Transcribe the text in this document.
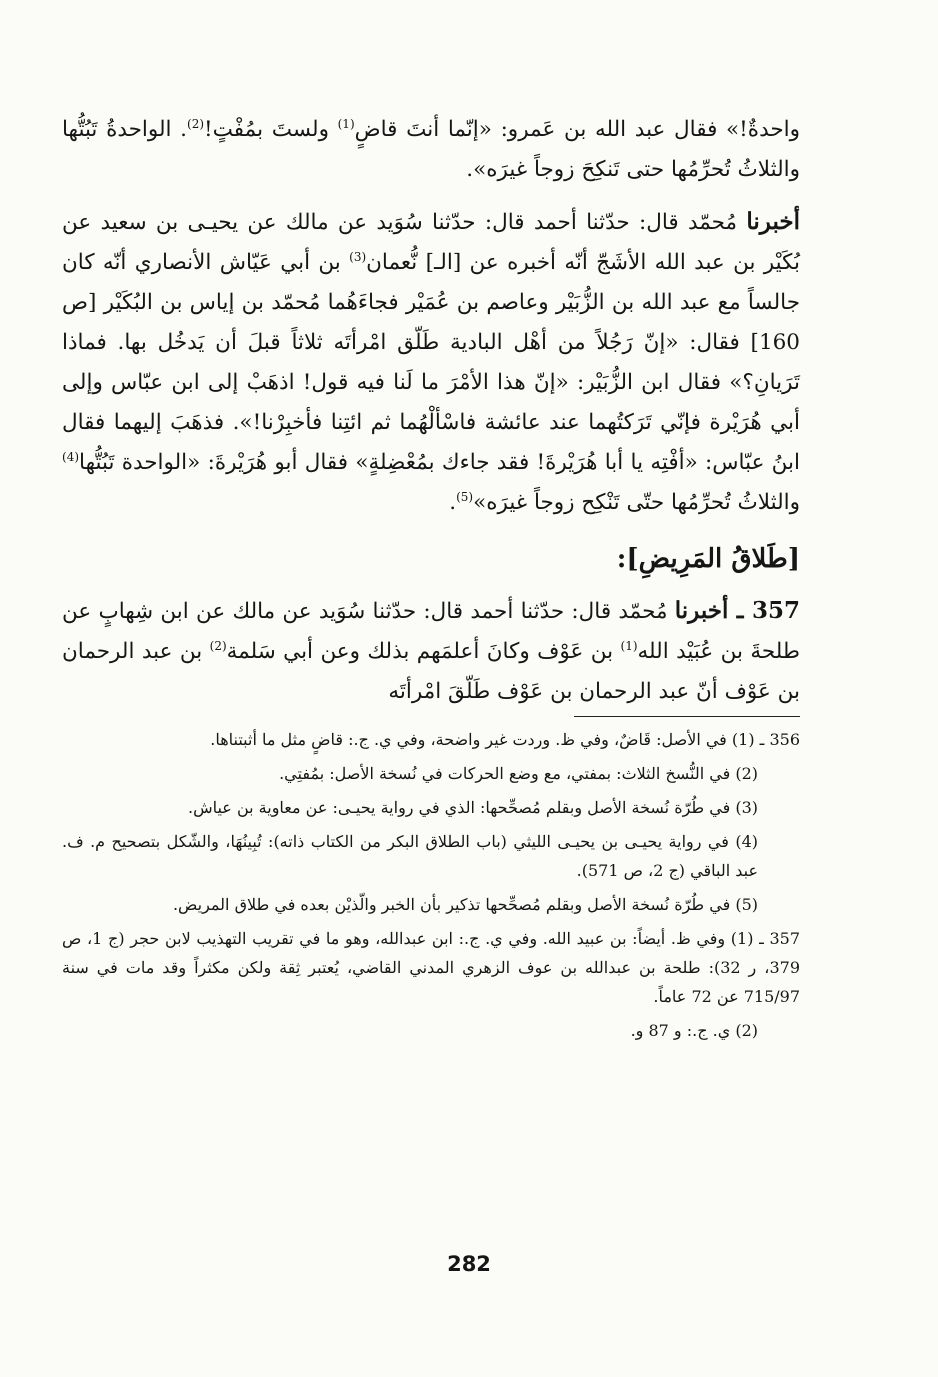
واحدةٌ!» فقال عبد الله بن عَمرو: «إنّما أنتَ قاضٍ$^{(1)}$ ولستَ بمُفْتٍ!$^{(2)}$. الواحدةُ تَبُتُّها والثلاثُ تُحرِّمُها حتى تَنكِحَ زوجاً غيرَه».

أخبرنا مُحمّد قال: حدّثنا أحمد قال: حدّثنا سُوَيد عن مالك عن يحيـى بن سعيد عن بُكَيْر بن عبد الله الأشَجّ أنّه أخبره عن [الـ] نُّعمان$^{(3)}$ بن أبي عَيّاش الأنصاري أنّه كان جالساً مع عبد الله بن الزُّبَيْر وعاصم بن عُمَيْر فجاءَهُما مُحمّد بن إياس بن البُكَيْر [ص 160] فقال: «إنّ رَجُلاً من أهْل البادية طَلّق امْرأتَه ثلاثاً قبلَ أن يَدخُل بها. فماذا تَرَيانِ؟» فقال ابن الزُّبَيْر: «إنّ هذا الأمْرَ ما لَنا فيه قول! اذهَبْ إلى ابن عبّاس وإلى أبي هُرَيْرة فإنّي تَرَكتُهما عند عائشة فاسْألْهُما ثم ائتِنا فأخبِرْنا!». فذهَبَ إليهما فقال ابنُ عبّاس: «أفْتِه يا أبا هُرَيْرةَ! فقد جاءك بمُعْضِلةٍ» فقال أبو هُرَيْرةَ: «الواحدة تَبُتُّها$^{(4)}$ والثلاثُ تُحرِّمُها حتّى تَنْكِح زوجاً غيرَه»$^{(5)}$.

[طَلاقُ المَرِيضِ]:

357 ـ أخبرنا مُحمّد قال: حدّثنا أحمد قال: حدّثنا سُوَيد عن مالك عن ابن شِهابٍ عن طلحةَ بن عُبَيْد الله$^{(1)}$ بن عَوْف وكانَ أعلمَهم بذلك وعن أبي سَلمة$^{(2)}$ بن عبد الرحمان بن عَوْف أنّ عبد الرحمان بن عَوْف طَلّقَ امْرأتَه

356 ـ (1) في الأصل: قَاضٌ، وفي ظ. وردت غير واضحة، وفي ي. ج.: قاضٍ مثل ما أثبتناها.
(2) في النُّسخ الثلاث: بمفتي، مع وضع الحركات في نُسخة الأصل: بمُفتِي.
(3) في طُرّة نُسخة الأصل وبقلم مُصحِّحها: الذي في رواية يحيـى: عن معاوية بن عياش.
(4) في رواية يحيـى بن يحيـى الليثي (باب الطلاق البكر من الكتاب ذاته): تُبِينُهَا، والشّكل بتصحيح م. ف. عبد الباقي (ج 2، ص 571).
(5) في طُرّة نُسخة الأصل وبقلم مُصحِّحها تذكير بأن الخبر والّذيْن بعده في طلاق المريض.
357 ـ (1) وفي ظ. أيضاً: بن عبيد الله. وفي ي. ج.: ابن عبدالله، وهو ما في تقريب التهذيب لابن حجر (ج 1، ص 379، ر 32): طلحة بن عبدالله بن عوف الزهري المدني القاضي، يُعتبر ثِقة ولكن مكثراً وقد مات في سنة 715/97 عن 72 عاماً.
(2) ي. ج.: و 87 و.
282
